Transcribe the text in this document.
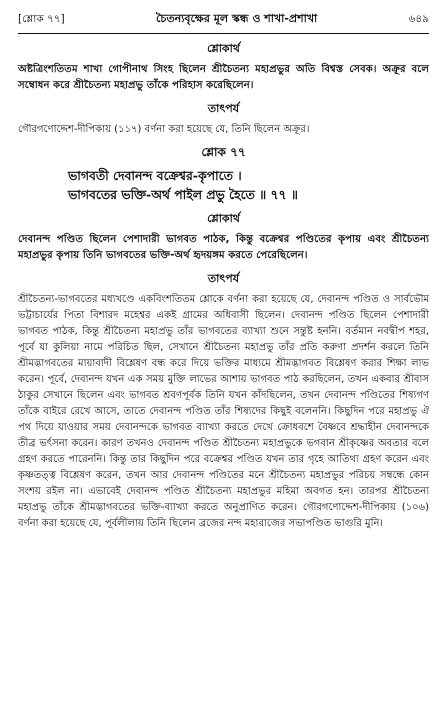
[শ্লোক ৭৭]	চৈতন্যবৃক্ষের মূল স্কন্ধ ও শাখা-প্রশাখা	৬৪৯
শ্লোকার্থ
অষ্টত্রিংশতিতম শাখা গোপীনাথ সিংহ ছিলেন শ্রীচৈতন্য মহাপ্রভুর অতি বিশ্বস্ত সেবক। অক্রূর বলে সম্বোধন করে শ্রীচৈতন্য মহাপ্রভু তাঁকে পরিহাস করেছিলেন।
তাৎপর্য
গৌরগণোদ্দেশ-দীপিকায় (১১৭) বর্ণনা করা হয়েছে যে, তিনি ছিলেন অক্রূর।
শ্লোক ৭৭
ভাগবতী দেবানন্দ বক্রেশ্বর-কৃপাতে ।
ভাগবতের ভক্তি-অর্থ পাইল প্রভু হৈতে ॥ ৭৭ ॥
শ্লোকার্থ
দেবানন্দ পণ্ডিত ছিলেন পেশাদারী ভাগবত পাঠক, কিন্তু বক্রেশ্বর পণ্ডিতের কৃপায় এবং শ্রীচৈতন্য মহাপ্রভুর কৃপায় তিনি ভাগবতের ভক্তি-অর্থ হৃদয়ঙ্গম করতে পেরেছিলেন।
তাৎপর্য
শ্রীচৈতন্য-ভাগবতের মধ্যখণ্ডে একবিংশতিতম শ্লোকে বর্ণনা করা হয়েছে যে, দেবানন্দ পণ্ডিত ও সার্বভৌম ভট্টাচার্যের পিতা বিশারদ মহেশ্বর একই গ্রামের অধিবাসী ছিলেন। দেবানন্দ পণ্ডিত ছিলেন পেশাদারী ভাগবত পাঠক, কিন্তু শ্রীচৈতন্য মহাপ্রভু তাঁর ভাগবতের ব্যাখ্যা শুনে সন্তুষ্ট হননি। বর্তমান নবদ্বীপ শহর, পূর্বে যা কুলিয়া নামে পরিচিত ছিল, সেখানে শ্রীচৈতন্য মহাপ্রভু তাঁর প্রতি করুণা প্রদর্শন করলে তিনি শ্রীমদ্ভাগবতের মায়াবাদী বিশ্লেষণ বন্ধ করে দিয়ে ভক্তির মাধ্যমে শ্রীমদ্ভাগবত বিশ্লেষণ করার শিক্ষা লাভ করেন। পূর্বে, দেবানন্দ যখন এক সময় মুক্তি লাভের আশায় ভাগবত পাঠ করছিলেন, তখন একবার শ্রীবাস ঠাকুর সেখানে ছিলেন এবং ভাগবত শ্রবণপূর্বক তিনি যখন কাঁদছিলেন, তখন দেবানন্দ পণ্ডিতের শিষ্যগণ তাঁকে বাইরে রেখে আসে, তাতে দেবানন্দ পণ্ডিত তাঁর শিষ্যদের কিছুই বলেননি। কিছুদিন পরে মহাপ্রভু ঐ পথ দিয়ে যাওয়ার সময় দেবানন্দকে ভাগবত ব্যাখ্যা করতে দেখে ক্রোধবশে বৈষ্ণবে শ্রদ্ধাহীন দেবানন্দকে তীব্র ভর্ৎসনা করেন। কারণ তখনও দেবানন্দ পণ্ডিত শ্রীচৈতন্য মহাপ্রভুকে ভগবান শ্রীকৃষ্ণের অবতার বলে গ্রহণ করতে পারেননি। কিন্তু তার কিছুদিন পরে বক্রেশ্বর পণ্ডিত যখন তার গৃহে আতিথ্য গ্রহণ করেন এবং কৃষ্ণতত্ত্ব বিশ্লেষণ করেন, তখন আর দেবানন্দ পণ্ডিতের মনে শ্রীচৈতন্য মহাপ্রভুর পরিচয় সম্বন্ধে কোন সংশয় রইল না। এভাবেই দেবানন্দ পণ্ডিত শ্রীচৈতন্য মহাপ্রভুর মহিমা অবগত হন। তারপর শ্রীচৈতন্য মহাপ্রভু তাঁকে শ্রীমদ্ভাগবতের ভক্তি-ব্যাখ্যা করতে অনুপ্রাণিত করেন। গৌরগণোদ্দেশ-দীপিকায় (১০৬) বর্ণনা করা হয়েছে যে, পূর্বলীলায় তিনি ছিলেন ব্রজের নন্দ মহারাজের সভাপণ্ডিত ভাগুরি মুনি।
